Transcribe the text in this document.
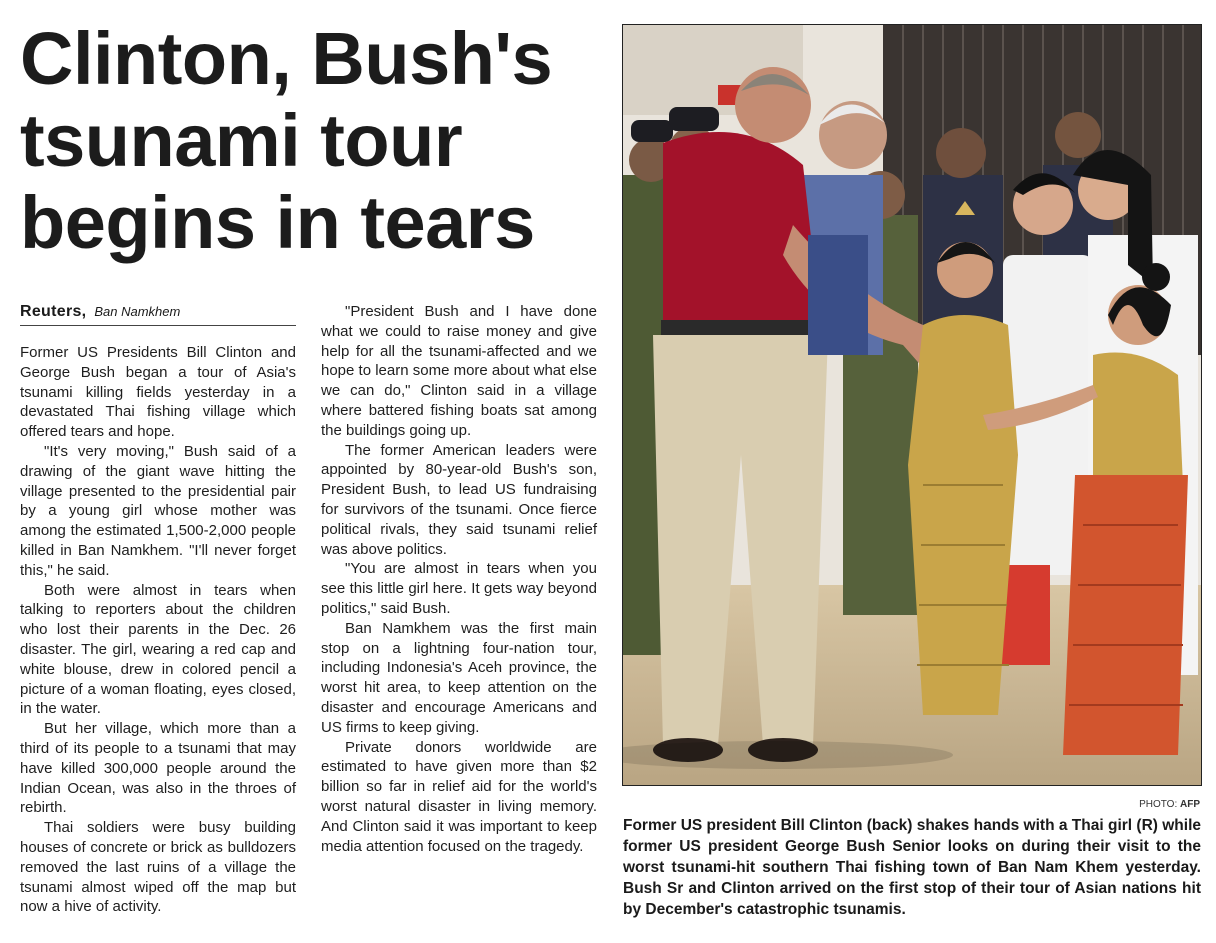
Clinton, Bush's
tsunami tour
begins in tears
Reuters, Ban Namkhem

Former US Presidents Bill Clinton and George Bush began a tour of Asia's tsunami killing fields yesterday in a devastated Thai fishing village which offered tears and hope.

"It's very moving," Bush said of a drawing of the giant wave hitting the village presented to the presidential pair by a young girl whose mother was among the estimated 1,500-2,000 people killed in Ban Namkhem. "I'll never forget this," he said.

Both were almost in tears when talking to reporters about the children who lost their parents in the Dec. 26 disaster. The girl, wearing a red cap and white blouse, drew in colored pencil a picture of a woman floating, eyes closed, in the water.

But her village, which more than a third of its people to a tsunami that may have killed 300,000 people around the Indian Ocean, was also in the throes of rebirth.

Thai soldiers were busy building houses of concrete or brick as bulldozers removed the last ruins of a village the tsunami almost wiped off the map but now a hive of activity.

"President Bush and I have done what we could to raise money and give help for all the tsunami-affected and we hope to learn some more about what else we can do," Clinton said in a village where battered fishing boats sat among the buildings going up.

The former American leaders were appointed by 80-year-old Bush's son, President Bush, to lead US fundraising for survivors of the tsunami. Once fierce political rivals, they said tsunami relief was above politics.

"You are almost in tears when you see this little girl here. It gets way beyond politics," said Bush.

Ban Namkhem was the first main stop on a lightning four-nation tour, including Indonesia's Aceh province, the worst hit area, to keep attention on the disaster and encourage Americans and US firms to keep giving.

Private donors worldwide are estimated to have given more than $2 billion so far in relief aid for the world's worst natural disaster in living memory. And Clinton said it was important to keep media attention focused on the tragedy.

PHOTO: AFP
Former US president Bill Clinton (back) shakes hands with a Thai girl (R) while former US president George Bush Senior looks on during their visit to the worst tsunami-hit southern Thai fishing town of Ban Nam Khem yesterday. Bush Sr and Clinton arrived on the first stop of their tour of Asian nations hit by December's catastrophic tsunamis.
